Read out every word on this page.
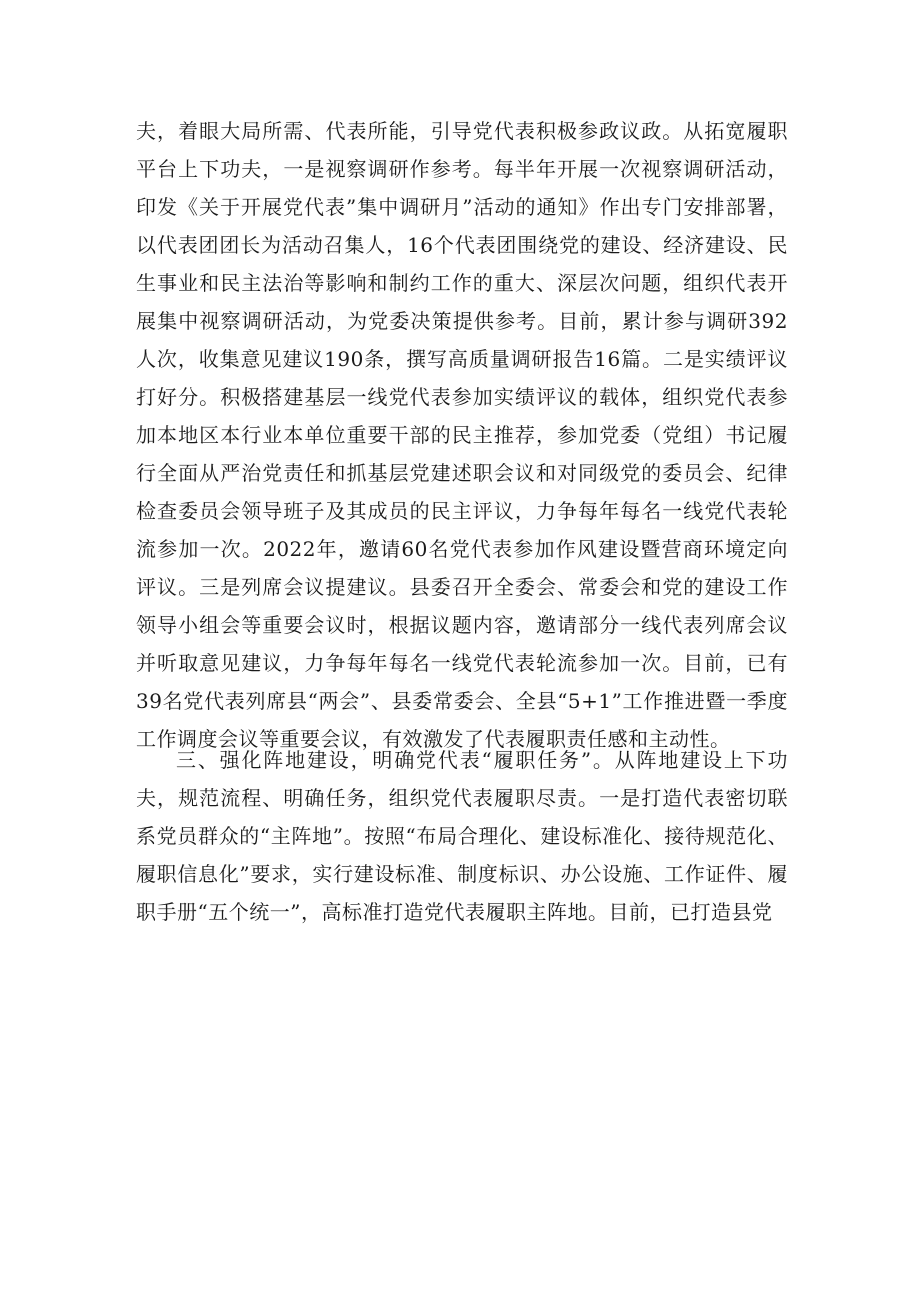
夫，着眼大局所需、代表所能，引导党代表积极参政议政。从拓宽履职平台上下功夫，一是视察调研作参考。每半年开展一次视察调研活动，印发《关于开展党代表”集中调研月”活动的通知》作出专门安排部署，以代表团团长为活动召集人，16个代表团围绕党的建设、经济建设、民生事业和民主法治等影响和制约工作的重大、深层次问题，组织代表开展集中视察调研活动，为党委决策提供参考。目前，累计参与调研392人次，收集意见建议190条，撰写高质量调研报告16篇。二是实绩评议打好分。积极搭建基层一线党代表参加实绩评议的载体，组织党代表参加本地区本行业本单位重要干部的民主推荐，参加党委（党组）书记履行全面从严治党责任和抓基层党建述职会议和对同级党的委员会、纪律检查委员会领导班子及其成员的民主评议，力争每年每名一线党代表轮流参加一次。2022年，邀请60名党代表参加作风建设暨营商环境定向评议。三是列席会议提建议。县委召开全委会、常委会和党的建设工作领导小组会等重要会议时，根据议题内容，邀请部分一线代表列席会议并听取意见建议，力争每年每名一线党代表轮流参加一次。目前，已有39名党代表列席县“两会”、县委常委会、全县“5+1”工作推进暨一季度工作调度会议等重要会议，有效激发了代表履职责任感和主动性。

三、强化阵地建设，明确党代表“履职任务”。从阵地建设上下功夫，规范流程、明确任务，组织党代表履职尽责。一是打造代表密切联系党员群众的“主阵地”。按照“布局合理化、建设标准化、接待规范化、履职信息化”要求，实行建设标准、制度标识、办公设施、工作证件、履职手册“五个统一”，高标准打造党代表履职主阵地。目前，已打造县党
